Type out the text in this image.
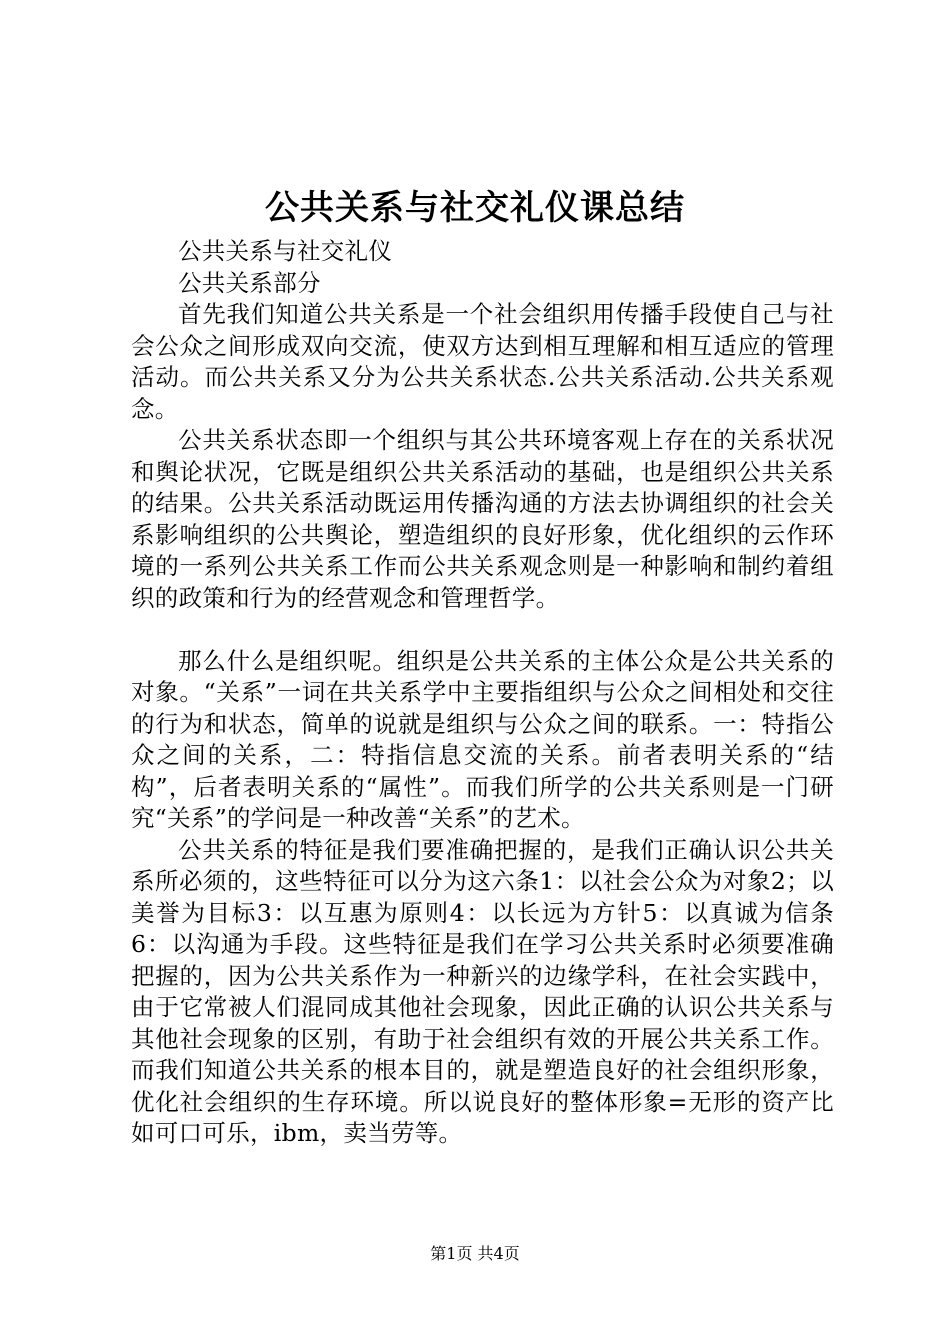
公共关系与社交礼仪课总结

公共关系与社交礼仪

公共关系部分

首先我们知道公共关系是一个社会组织用传播手段使自己与社会公众之间形成双向交流，使双方达到相互理解和相互适应的管理活动。而公共关系又分为公共关系状态.公共关系活动.公共关系观念。

公共关系状态即一个组织与其公共环境客观上存在的关系状况和舆论状况，它既是组织公共关系活动的基础，也是组织公共关系的结果。公共关系活动既运用传播沟通的方法去协调组织的社会关系影响组织的公共舆论，塑造组织的良好形象，优化组织的云作环境的一系列公共关系工作而公共关系观念则是一种影响和制约着组织的政策和行为的经营观念和管理哲学。

那么什么是组织呢。组织是公共关系的主体公众是公共关系的对象。“关系”一词在共关系学中主要指组织与公众之间相处和交往的行为和状态，简单的说就是组织与公众之间的联系。一：特指公众之间的关系，二：特指信息交流的关系。前者表明关系的“结构”，后者表明关系的“属性”。而我们所学的公共关系则是一门研究“关系”的学问是一种改善“关系”的艺术。

公共关系的特征是我们要准确把握的，是我们正确认识公共关系所必须的，这些特征可以分为这六条1：以社会公众为对象2；以美誉为目标3：以互惠为原则4：以长远为方针5：以真诚为信条6：以沟通为手段。这些特征是我们在学习公共关系时必须要准确把握的，因为公共关系作为一种新兴的边缘学科，在社会实践中，由于它常被人们混同成其他社会现象，因此正确的认识公共关系与其他社会现象的区别，有助于社会组织有效的开展公共关系工作。而我们知道公共关系的根本目的，就是塑造良好的社会组织形象，优化社会组织的生存环境。所以说良好的整体形象=无形的资产比如可口可乐，ibm，卖当劳等。

第1页 共4页
